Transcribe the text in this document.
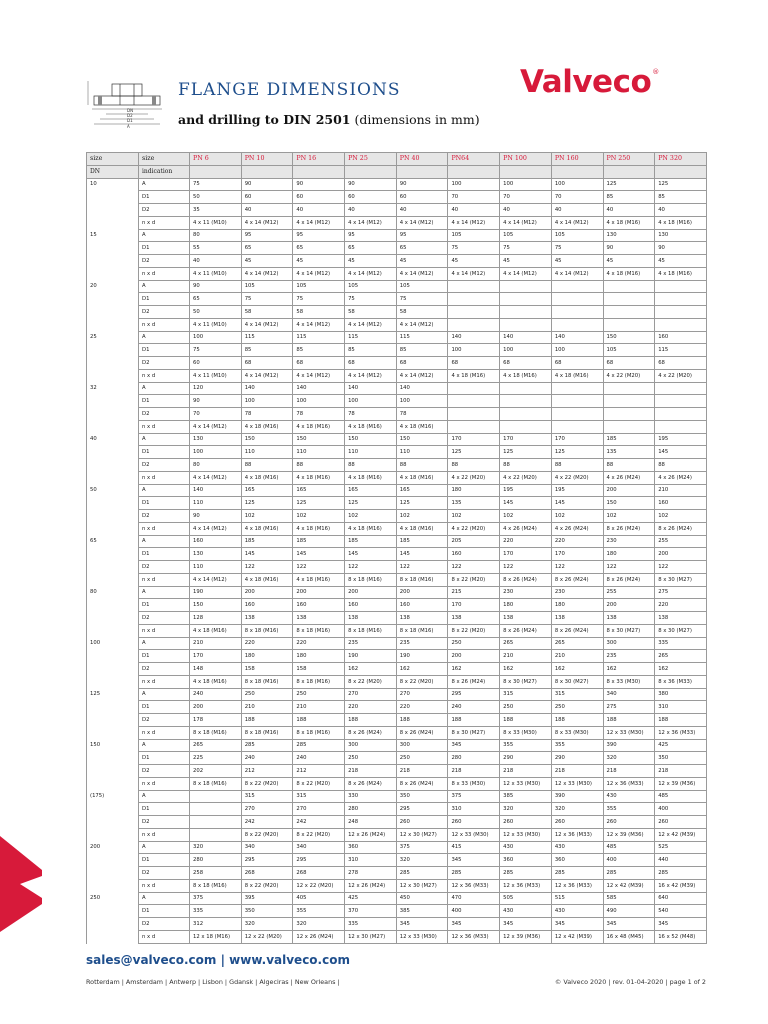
DN
D2
D1
A
FLANGE DIMENSIONS
and drilling to DIN 2501 (dimensions in mm)
Valveco®
size	size	PN 6	PN 10	PN 16	PN 25	PN 40	PN64	PN 100	PN 160	PN 250	PN 320
DN	indication										
10	A	75	90	90	90	90	100	100	100	125	125
	D1	50	60	60	60	60	70	70	70	85	85
	D2	35	40	40	40	40	40	40	40	40	40
	n x d	4 x 11 (M10)	4 x 14 (M12)	4 x 14 (M12)	4 x 14 (M12)	4 x 14 (M12)	4 x 14 (M12)	4 x 14 (M12)	4 x 14 (M12)	4 x 18 (M16)	4 x 18 (M16)
15	A	80	95	95	95	95	105	105	105	130	130
	D1	55	65	65	65	65	75	75	75	90	90
	D2	40	45	45	45	45	45	45	45	45	45
	n x d	4 x 11 (M10)	4 x 14 (M12)	4 x 14 (M12)	4 x 14 (M12)	4 x 14 (M12)	4 x 14 (M12)	4 x 14 (M12)	4 x 14 (M12)	4 x 18 (M16)	4 x 18 (M16)
20	A	90	105	105	105	105					
	D1	65	75	75	75	75					
	D2	50	58	58	58	58					
	n x d	4 x 11 (M10)	4 x 14 (M12)	4 x 14 (M12)	4 x 14 (M12)	4 x 14 (M12)					
25	A	100	115	115	115	115	140	140	140	150	160
	D1	75	85	85	85	85	100	100	100	105	115
	D2	60	68	68	68	68	68	68	68	68	68
	n x d	4 x 11 (M10)	4 x 14 (M12)	4 x 14 (M12)	4 x 14 (M12)	4 x 14 (M12)	4 x 18 (M16)	4 x 18 (M16)	4 x 18 (M16)	4 x 22 (M20)	4 x 22 (M20)
32	A	120	140	140	140	140					
	D1	90	100	100	100	100					
	D2	70	78	78	78	78					
	n x d	4 x 14 (M12)	4 x 18 (M16)	4 x 18 (M16)	4 x 18 (M16)	4 x 18 (M16)					
40	A	130	150	150	150	150	170	170	170	185	195
	D1	100	110	110	110	110	125	125	125	135	145
	D2	80	88	88	88	88	88	88	88	88	88
	n x d	4 x 14 (M12)	4 x 18 (M16)	4 x 18 (M16)	4 x 18 (M16)	4 x 18 (M16)	4 x 22 (M20)	4 x 22 (M20)	4 x 22 (M20)	4 x 26 (M24)	4 x 26 (M24)
50	A	140	165	165	165	165	180	195	195	200	210
	D1	110	125	125	125	125	135	145	145	150	160
	D2	90	102	102	102	102	102	102	102	102	102
	n x d	4 x 14 (M12)	4 x 18 (M16)	4 x 18 (M16)	4 x 18 (M16)	4 x 18 (M16)	4 x 22 (M20)	4 x 26 (M24)	4 x 26 (M24)	8 x 26 (M24)	8 x 26 (M24)
65	A	160	185	185	185	185	205	220	220	230	255
	D1	130	145	145	145	145	160	170	170	180	200
	D2	110	122	122	122	122	122	122	122	122	122
	n x d	4 x 14 (M12)	4 x 18 (M16)	4 x 18 (M16)	8 x 18 (M16)	8 x 18 (M16)	8 x 22 (M20)	8 x 26 (M24)	8 x 26 (M24)	8 x 26 (M24)	8 x 30 (M27)
80	A	190	200	200	200	200	215	230	230	255	275
	D1	150	160	160	160	160	170	180	180	200	220
	D2	128	138	138	138	138	138	138	138	138	138
	n x d	4 x 18 (M16)	8 x 18 (M16)	8 x 18 (M16)	8 x 18 (M16)	8 x 18 (M16)	8 x 22 (M20)	8 x 26 (M24)	8 x 26 (M24)	8 x 30 (M27)	8 x 30 (M27)
100	A	210	220	220	235	235	250	265	265	300	335
	D1	170	180	180	190	190	200	210	210	235	265
	D2	148	158	158	162	162	162	162	162	162	162
	n x d	4 x 18 (M16)	8 x 18 (M16)	8 x 18 (M16)	8 x 22 (M20)	8 x 22 (M20)	8 x 26 (M24)	8 x 30 (M27)	8 x 30 (M27)	8 x 33 (M30)	8 x 36 (M33)
125	A	240	250	250	270	270	295	315	315	340	380
	D1	200	210	210	220	220	240	250	250	275	310
	D2	178	188	188	188	188	188	188	188	188	188
	n x d	8 x 18 (M16)	8 x 18 (M16)	8 x 18 (M16)	8 x 26 (M24)	8 x 26 (M24)	8 x 30 (M27)	8 x 33 (M30)	8 x 33 (M30)	12 x 33 (M30)	12 x 36 (M33)
150	A	265	285	285	300	300	345	355	355	390	425
	D1	225	240	240	250	250	280	290	290	320	350
	D2	202	212	212	218	218	218	218	218	218	218
	n x d	8 x 18 (M16)	8 x 22 (M20)	8 x 22 (M20)	8 x 26 (M24)	8 x 26 (M24)	8 x 33 (M30)	12 x 33 (M30)	12 x 33 (M30)	12 x 36 (M33)	12 x 39 (M36)
(175)	A		315	315	330	350	375	385	390	430	485
	D1		270	270	280	295	310	320	320	355	400
	D2		242	242	248	260	260	260	260	260	260
	n x d		8 x 22 (M20)	8 x 22 (M20)	12 x 26 (M24)	12 x 30 (M27)	12 x 33 (M30)	12 x 33 (M30)	12 x 36 (M33)	12 x 39 (M36)	12 x 42 (M39)
200	A	320	340	340	360	375	415	430	430	485	525
	D1	280	295	295	310	320	345	360	360	400	440
	D2	258	268	268	278	285	285	285	285	285	285
	n x d	8 x 18 (M16)	8 x 22 (M20)	12 x 22 (M20)	12 x 26 (M24)	12 x 30 (M27)	12 x 36 (M33)	12 x 36 (M33)	12 x 36 (M33)	12 x 42 (M39)	16 x 42 (M39)
250	A	375	395	405	425	450	470	505	515	585	640
	D1	335	350	355	370	385	400	430	430	490	540
	D2	312	320	320	335	345	345	345	345	345	345
	n x d	12 x 18 (M16)	12 x 22 (M20)	12 x 26 (M24)	12 x 30 (M27)	12 x 33 (M30)	12 x 36 (M33)	12 x 39 (M36)	12 x 42 (M39)	16 x 48 (M45)	16 x 52 (M48)
sales@valveco.com | www.valveco.com
Rotterdam | Amsterdam | Antwerp | Lisbon | Gdansk | Algeciras | New Orleans |	© Valveco 2020 | rev. 01-04-2020 | page 1 of 2
